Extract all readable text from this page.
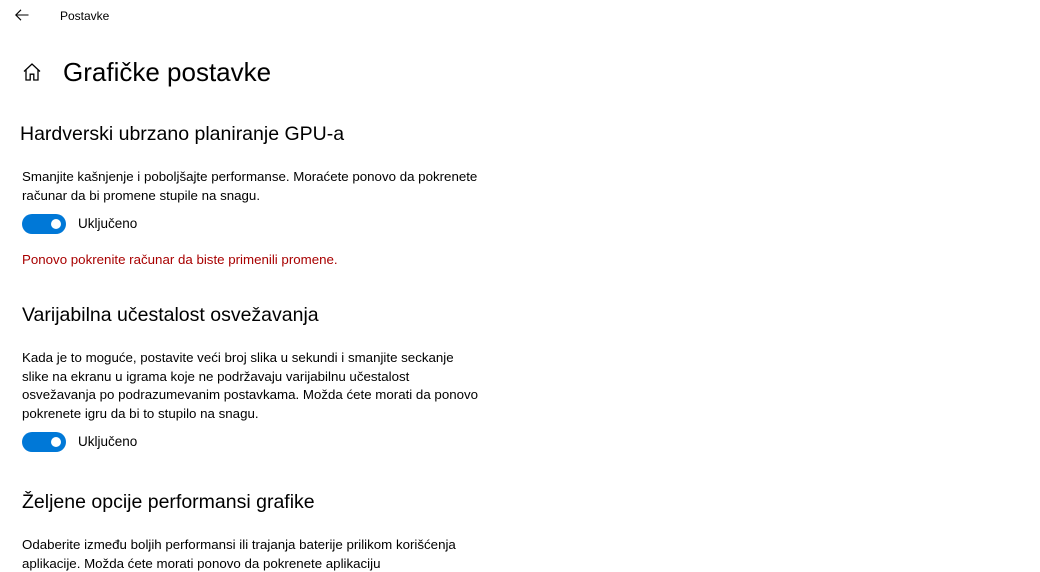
Postavke
Grafičke postavke
Hardverski ubrzano planiranje GPU-a

Smanjite kašnjenje i poboljšajte performanse. Moraćete ponovo da pokrenete računar da bi promene stupile na snagu.

Uključeno
Ponovo pokrenite računar da biste primenili promene.
Varijabilna učestalost osvežavanja

Kada je to moguće, postavite veći broj slika u sekundi i smanjite seckanje slike na ekranu u igrama koje ne podržavaju varijabilnu učestalost osvežavanja po podrazumevanim postavkama. Možda ćete morati da ponovo pokrenete igru da bi to stupilo na snagu.

Uključeno
Željene opcije performansi grafike

Odaberite između boljih performansi ili trajanja baterije prilikom korišćenja aplikacije. Možda ćete morati ponovo da pokrenete aplikaciju
